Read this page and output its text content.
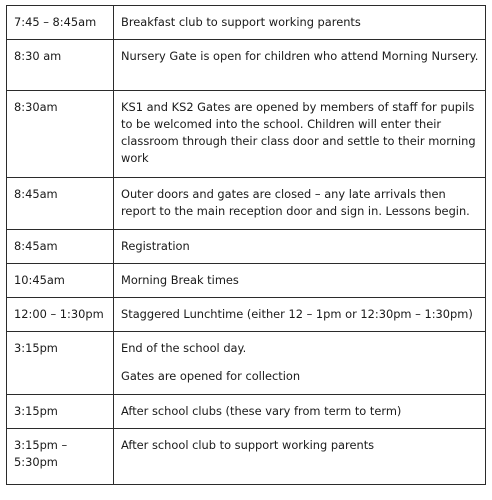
7:45 – 8:45am	Breakfast club to support working parents

8:30 am	Nursery Gate is open for children who attend Morning Nursery.

8:30am	KS1 and KS2 Gates are opened by members of staff for pupils to be welcomed into the school. Children will enter their classroom through their class door and settle to their morning work

8:45am	Outer doors and gates are closed – any late arrivals then report to the main reception door and sign in. Lessons begin.

8:45am	Registration

10:45am	Morning Break times

12:00 – 1:30pm	Staggered Lunchtime (either 12 – 1pm or 12:30pm – 1:30pm)

3:15pm	End of the school day.

Gates are opened for collection

3:15pm	After school clubs (these vary from term to term)

3:15pm – 5:30pm	After school club to support working parents
